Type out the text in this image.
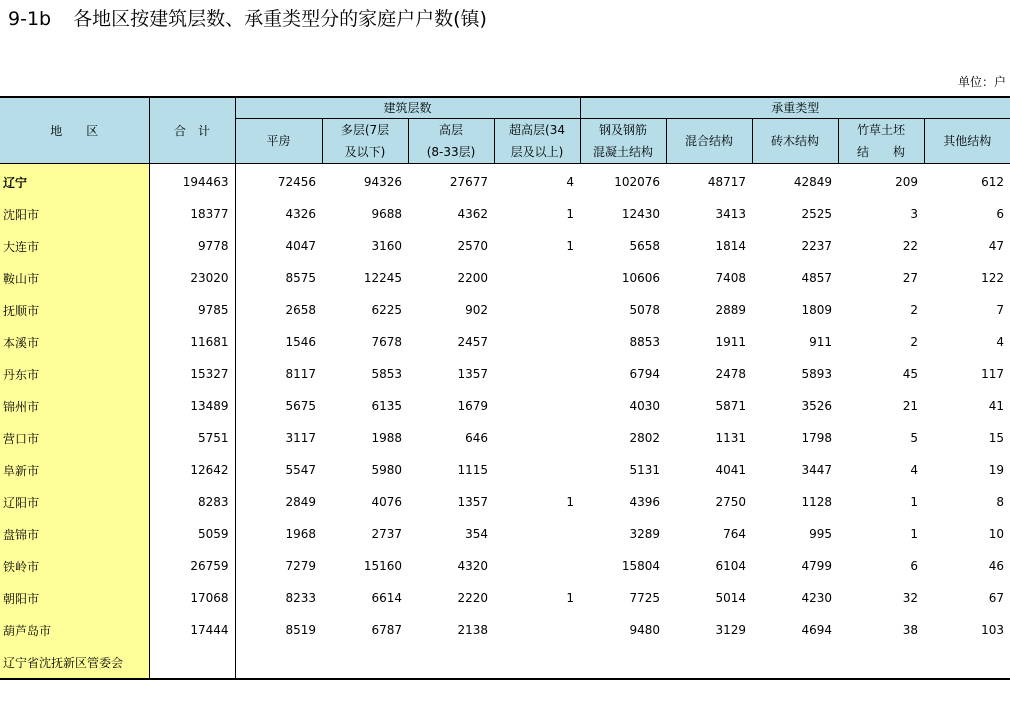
9-1b 各地区按建筑层数、承重类型分的家庭户户数(镇)
单位：户
地　　区	合　计	建筑层数				承重类型				
		平房	多层(7层
及以下)	高层
(8-33层)	超高层(34
层及以上)	钢及钢筋
混凝土结构	混合结构	砖木结构	竹草土坯
结　　构	其他结构
辽宁	194463	72456	94326	27677	4	102076	48717	42849	209	612
沈阳市	18377	4326	9688	4362	1	12430	3413	2525	3	6
大连市	9778	4047	3160	2570	1	5658	1814	2237	22	47
鞍山市	23020	8575	12245	2200		10606	7408	4857	27	122
抚顺市	9785	2658	6225	902		5078	2889	1809	2	7
本溪市	11681	1546	7678	2457		8853	1911	911	2	4
丹东市	15327	8117	5853	1357		6794	2478	5893	45	117
锦州市	13489	5675	6135	1679		4030	5871	3526	21	41
营口市	5751	3117	1988	646		2802	1131	1798	5	15
阜新市	12642	5547	5980	1115		5131	4041	3447	4	19
辽阳市	8283	2849	4076	1357	1	4396	2750	1128	1	8
盘锦市	5059	1968	2737	354		3289	764	995	1	10
铁岭市	26759	7279	15160	4320		15804	6104	4799	6	46
朝阳市	17068	8233	6614	2220	1	7725	5014	4230	32	67
葫芦岛市	17444	8519	6787	2138		9480	3129	4694	38	103
辽宁省沈抚新区管委会										
